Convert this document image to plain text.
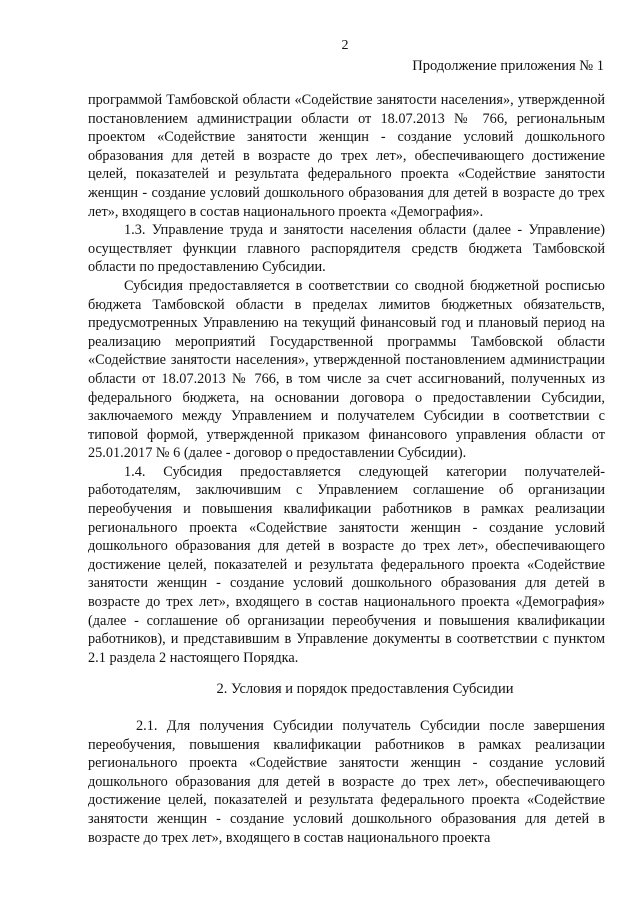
2
Продолжение приложения № 1

программой Тамбовской области «Содействие занятости населения», утвержденной постановлением администрации области от 18.07.2013 № 766, региональным проектом «Содействие занятости женщин - создание условий дошкольного образования для детей в возрасте до трех лет», обеспечивающего достижение целей, показателей и результата федерального проекта «Содействие занятости женщин - создание условий дошкольного образования для детей в возрасте до трех лет», входящего в состав национального проекта «Демография».

1.3. Управление труда и занятости населения области (далее - Управление) осуществляет функции главного распорядителя средств бюджета Тамбовской области по предоставлению Субсидии.

Субсидия предоставляется в соответствии со сводной бюджетной росписью бюджета Тамбовской области в пределах лимитов бюджетных обязательств, предусмотренных Управлению на текущий финансовый год и плановый период на реализацию мероприятий Государственной программы Тамбовской области «Содействие занятости населения», утвержденной постановлением администрации области от 18.07.2013 № 766, в том числе за счет ассигнований, полученных из федерального бюджета, на основании договора о предоставлении Субсидии, заключаемого между Управлением и получателем Субсидии в соответствии с типовой формой, утвержденной приказом финансового управления области от 25.01.2017 № 6 (далее - договор о предоставлении Субсидии).

1.4. Субсидия предоставляется следующей категории получателей-работодателям, заключившим с Управлением соглашение об организации переобучения и повышения квалификации работников в рамках реализации регионального проекта «Содействие занятости женщин - создание условий дошкольного образования для детей в возрасте до трех лет», обеспечивающего достижение целей, показателей и результата федерального проекта «Содействие занятости женщин - создание условий дошкольного образования для детей в возрасте до трех лет», входящего в состав национального проекта «Демография» (далее - соглашение об организации переобучения и повышения квалификации работников), и представившим в Управление документы в соответствии с пунктом 2.1 раздела 2 настоящего Порядка.

2. Условия и порядок предоставления Субсидии

2.1. Для получения Субсидии получатель Субсидии после завершения переобучения, повышения квалификации работников в рамках реализации регионального проекта «Содействие занятости женщин - создание условий дошкольного образования для детей в возрасте до трех лет», обеспечивающего достижение целей, показателей и результата федерального проекта «Содействие занятости женщин - создание условий дошкольного образования для детей в возрасте до трех лет», входящего в состав национального проекта
